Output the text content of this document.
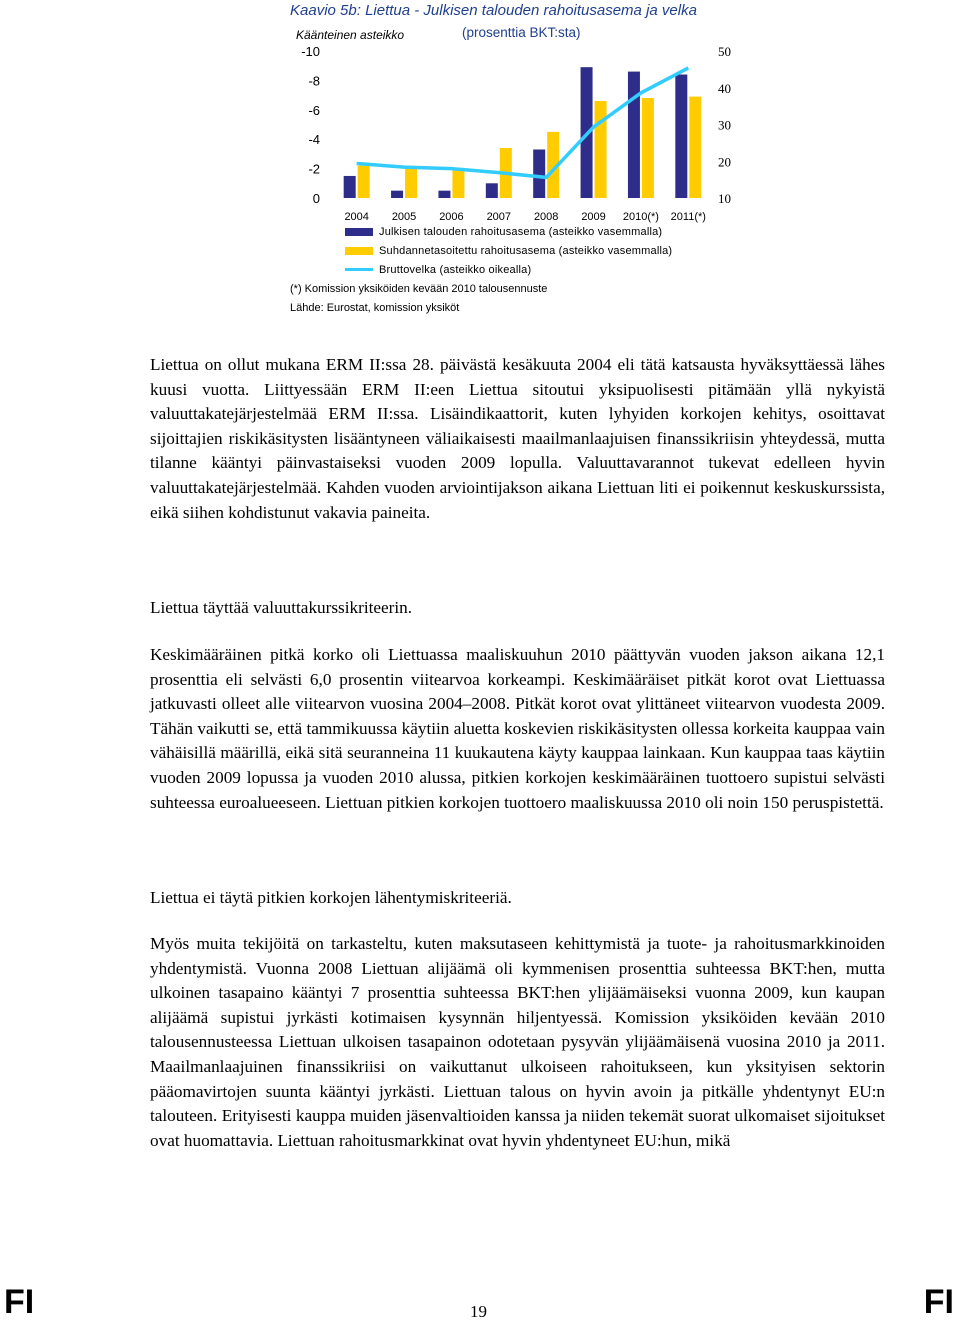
Kaavio 5b: Liettua - Julkisen talouden rahoitusasema ja velka
Käänteinen asteikko	(prosenttia BKT:sta)
-10
-8
-6
-4
-2
0
50
40
30
20
10
2004 2005 2006 2007 2008 2009 2010(*) 2011(*)
Julkisen talouden rahoitusasema (asteikko vasemmalla)
Suhdannetasoitettu rahoitusasema (asteikko vasemmalla)
Bruttovelka (asteikko oikealla)
(*) Komission yksiköiden kevään 2010 talousennuste
Lähde: Eurostat, komission yksiköt

Liettua on ollut mukana ERM II:ssa 28. päivästä kesäkuuta 2004 eli tätä katsausta hyväksyttäessä lähes kuusi vuotta. Liittyessään ERM II:een Liettua sitoutui yksipuolisesti pitämään yllä nykyistä valuuttakatejärjestelmää ERM II:ssa. Lisäindikaattorit, kuten lyhyiden korkojen kehitys, osoittavat sijoittajien riskikäsitysten lisääntyneen väliaikaisesti maailmanlaajuisen finanssikriisin yhteydessä, mutta tilanne kääntyi päinvastaiseksi vuoden 2009 lopulla. Valuuttavarannot tukevat edelleen hyvin valuuttakatejärjestelmää. Kahden vuoden arviointijakson aikana Liettuan liti ei poikennut keskuskurssista, eikä siihen kohdistunut vakavia paineita.

Liettua täyttää valuuttakurssikriteerin.

Keskimääräinen pitkä korko oli Liettuassa maaliskuuhun 2010 päättyvän vuoden jakson aikana 12,1 prosenttia eli selvästi 6,0 prosentin viitearvoa korkeampi. Keskimääräiset pitkät korot ovat Liettuassa jatkuvasti olleet alle viitearvon vuosina 2004–2008. Pitkät korot ovat ylittäneet viitearvon vuodesta 2009. Tähän vaikutti se, että tammikuussa käytiin aluetta koskevien riskikäsitysten ollessa korkeita kauppaa vain vähäisillä määrillä, eikä sitä seuranneina 11 kuukautena käyty kauppaa lainkaan. Kun kauppaa taas käytiin vuoden 2009 lopussa ja vuoden 2010 alussa, pitkien korkojen keskimääräinen tuottoero supistui selvästi suhteessa euroalueeseen. Liettuan pitkien korkojen tuottoero maaliskuussa 2010 oli noin 150 peruspistettä.

Liettua ei täytä pitkien korkojen lähentymiskriteeriä.

Myös muita tekijöitä on tarkasteltu, kuten maksutaseen kehittymistä ja tuote- ja rahoitusmarkkinoiden yhdentymistä. Vuonna 2008 Liettuan alijäämä oli kymmenisen prosenttia suhteessa BKT:hen, mutta ulkoinen tasapaino kääntyi 7 prosenttia suhteessa BKT:hen ylijäämäiseksi vuonna 2009, kun kaupan alijäämä supistui jyrkästi kotimaisen kysynnän hiljentyessä. Komission yksiköiden kevään 2010 talousennusteessa Liettuan ulkoisen tasapainon odotetaan pysyvän ylijäämäisenä vuosina 2010 ja 2011. Maailmanlaajuinen finanssikriisi on vaikuttanut ulkoiseen rahoitukseen, kun yksityisen sektorin pääomavirtojen suunta kääntyi jyrkästi. Liettuan talous on hyvin avoin ja pitkälle yhdentynyt EU:n talouteen. Erityisesti kauppa muiden jäsenvaltioiden kanssa ja niiden tekemät suorat ulkomaiset sijoitukset ovat huomattavia. Liettuan rahoitusmarkkinat ovat hyvin yhdentyneet EU:hun, mikä

FI	19	FI
